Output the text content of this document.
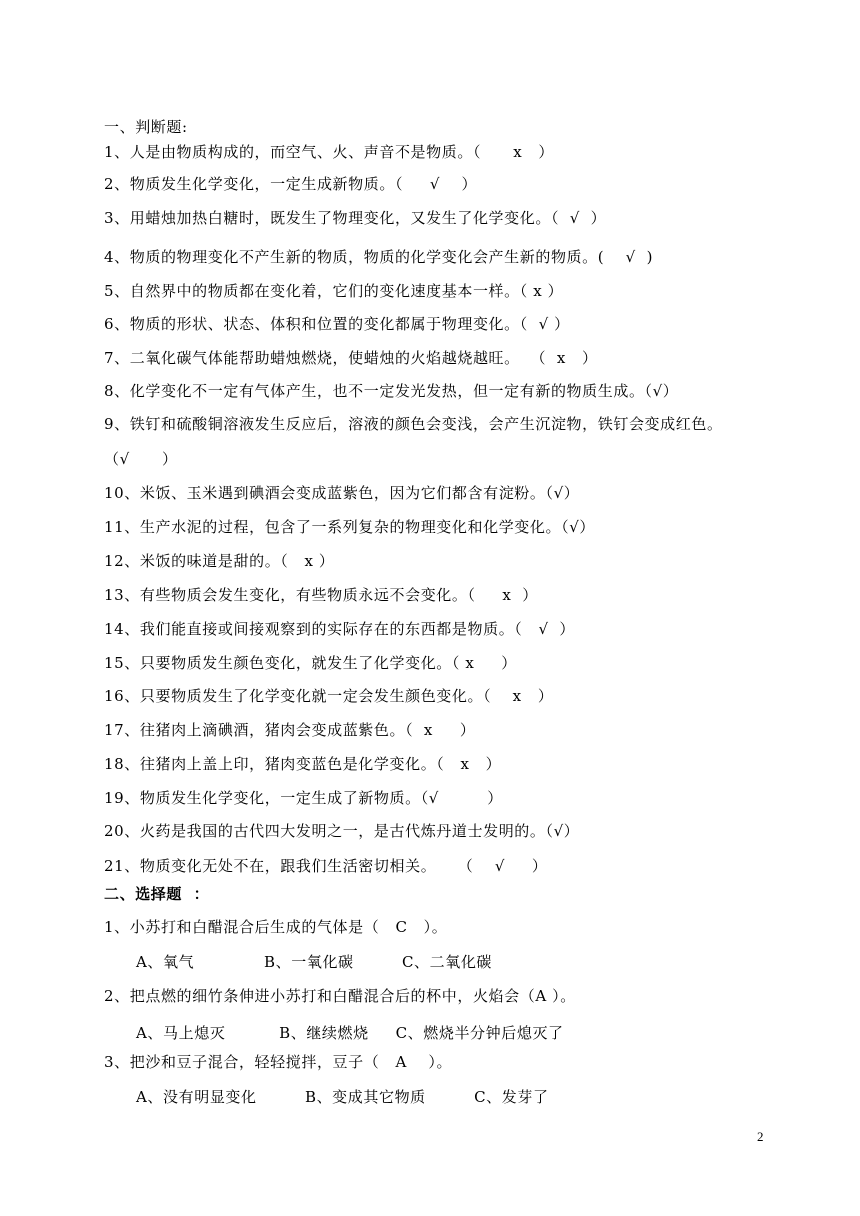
一、判断题:
1、人是由物质构成的，而空气、火、声音不是物质。（      x   ）
2、物质发生化学变化，一定生成新物质。（     √    ）
3、用蜡烛加热白糖时，既发生了物理变化，又发生了化学变化。（  √  ）
4、物质的物理变化不产生新的物质，物质的化学变化会产生新的物质。(    √  )
5、自然界中的物质都在变化着，它们的变化速度基本一样。（ x ）
6、物质的形状、状态、体积和位置的变化都属于物理变化。（  √ ）
7、二氧化碳气体能帮助蜡烛燃烧，使蜡烛的火焰越烧越旺。  （  x   ）
8、化学变化不一定有气体产生，也不一定发光发热，但一定有新的物质生成。（√）
9、铁钉和硫酸铜溶液发生反应后，溶液的颜色会变浅，会产生沉淀物，铁钉会变成红色。
（√      ）
10、米饭、玉米遇到碘酒会变成蓝紫色，因为它们都含有淀粉。（√）
11、生产水泥的过程，包含了一系列复杂的物理变化和化学变化。（√）
12、米饭的味道是甜的。（   x ）
13、有些物质会发生变化，有些物质永远不会变化。（     x  ）
14、我们能直接或间接观察到的实际存在的东西都是物质。（   √  ）
15、只要物质发生颜色变化，就发生了化学变化。（ x     ）
16、只要物质发生了化学变化就一定会发生颜色变化。（    x   ）
17、往猪肉上滴碘酒，猪肉会变成蓝紫色。（  x     ）
18、往猪肉上盖上印，猪肉变蓝色是化学变化。（   x   ）
19、物质发生化学变化，一定生成了新物质。（√         ）
20、火药是我国的古代四大发明之一，是古代炼丹道士发明的。（√）
21、物质变化无处不在，跟我们生活密切相关。    （    √     ）
二、选择题  ：
1、小苏打和白醋混合后生成的气体是（   C   ）。
A、氧气             B、一氧化碳         C、二氧化碳
2、把点燃的细竹条伸进小苏打和白醋混合后的杯中，火焰会（A ）。
A、马上熄灭          B、继续燃烧     C、燃烧半分钟后熄灭了
3、把沙和豆子混合，轻轻搅拌，豆子（   A    ）。
A、没有明显变化         B、变成其它物质         C、发芽了
2
